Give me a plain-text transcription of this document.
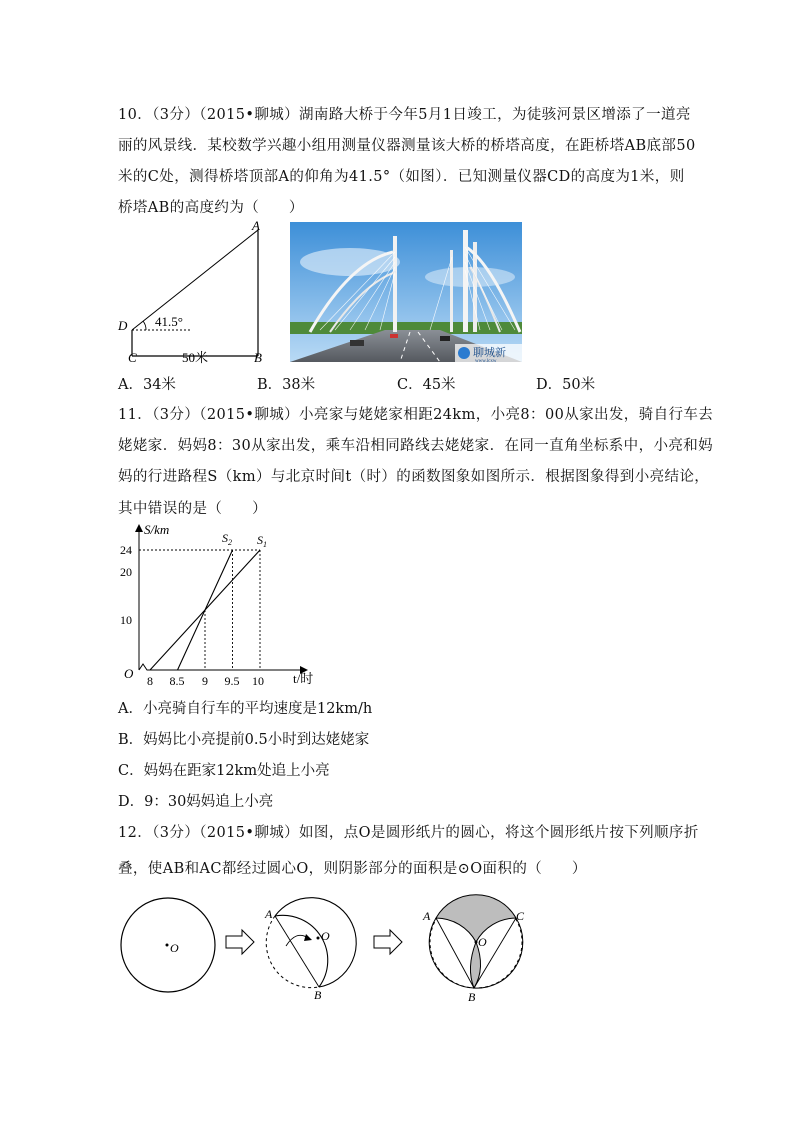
10．（3分）（2015•聊城）湖南路大桥于今年5月1日竣工，为徒骇河景区增添了一道亮
丽的风景线．某校数学兴趣小组用测量仪器测量该大桥的桥塔高度，在距桥塔AB底部50
米的C处，测得桥塔顶部A的仰角为41.5°（如图）．已知测量仪器CD的高度为1米，则
桥塔AB的高度约为（　　）
A
B
C
D 41.5°
50米	聊城新
www.lcxw
A．34米	B．38米	C．45米	D．50米
11．（3分）（2015•聊城）小亮家与姥姥家相距24km，小亮8：00从家出发，骑自行车去
姥姥家．妈妈8：30从家出发，乘车沿相同路线去姥姥家．在同一直角坐标系中，小亮和妈
妈的行进路程S（km）与北京时间t（时）的函数图象如图所示．根据图象得到小亮结论，
其中错误的是（　　）
8 8.5 9 9.5 10
S/km
t/时
O
24
20
10
$S_2$ $S_1$
A．小亮骑自行车的平均速度是12km/h
B．妈妈比小亮提前0.5小时到达姥姥家
C．妈妈在距家12km处追上小亮
D．9：30妈妈追上小亮
12．（3分）（2015•聊城）如图，点O是圆形纸片的圆心，将这个圆形纸片按下列顺序折
叠，使AB和AC都经过圆心O，则阴影部分的面积是⊙O面积的（　　）
O
A
O
B
A	C
O
B
